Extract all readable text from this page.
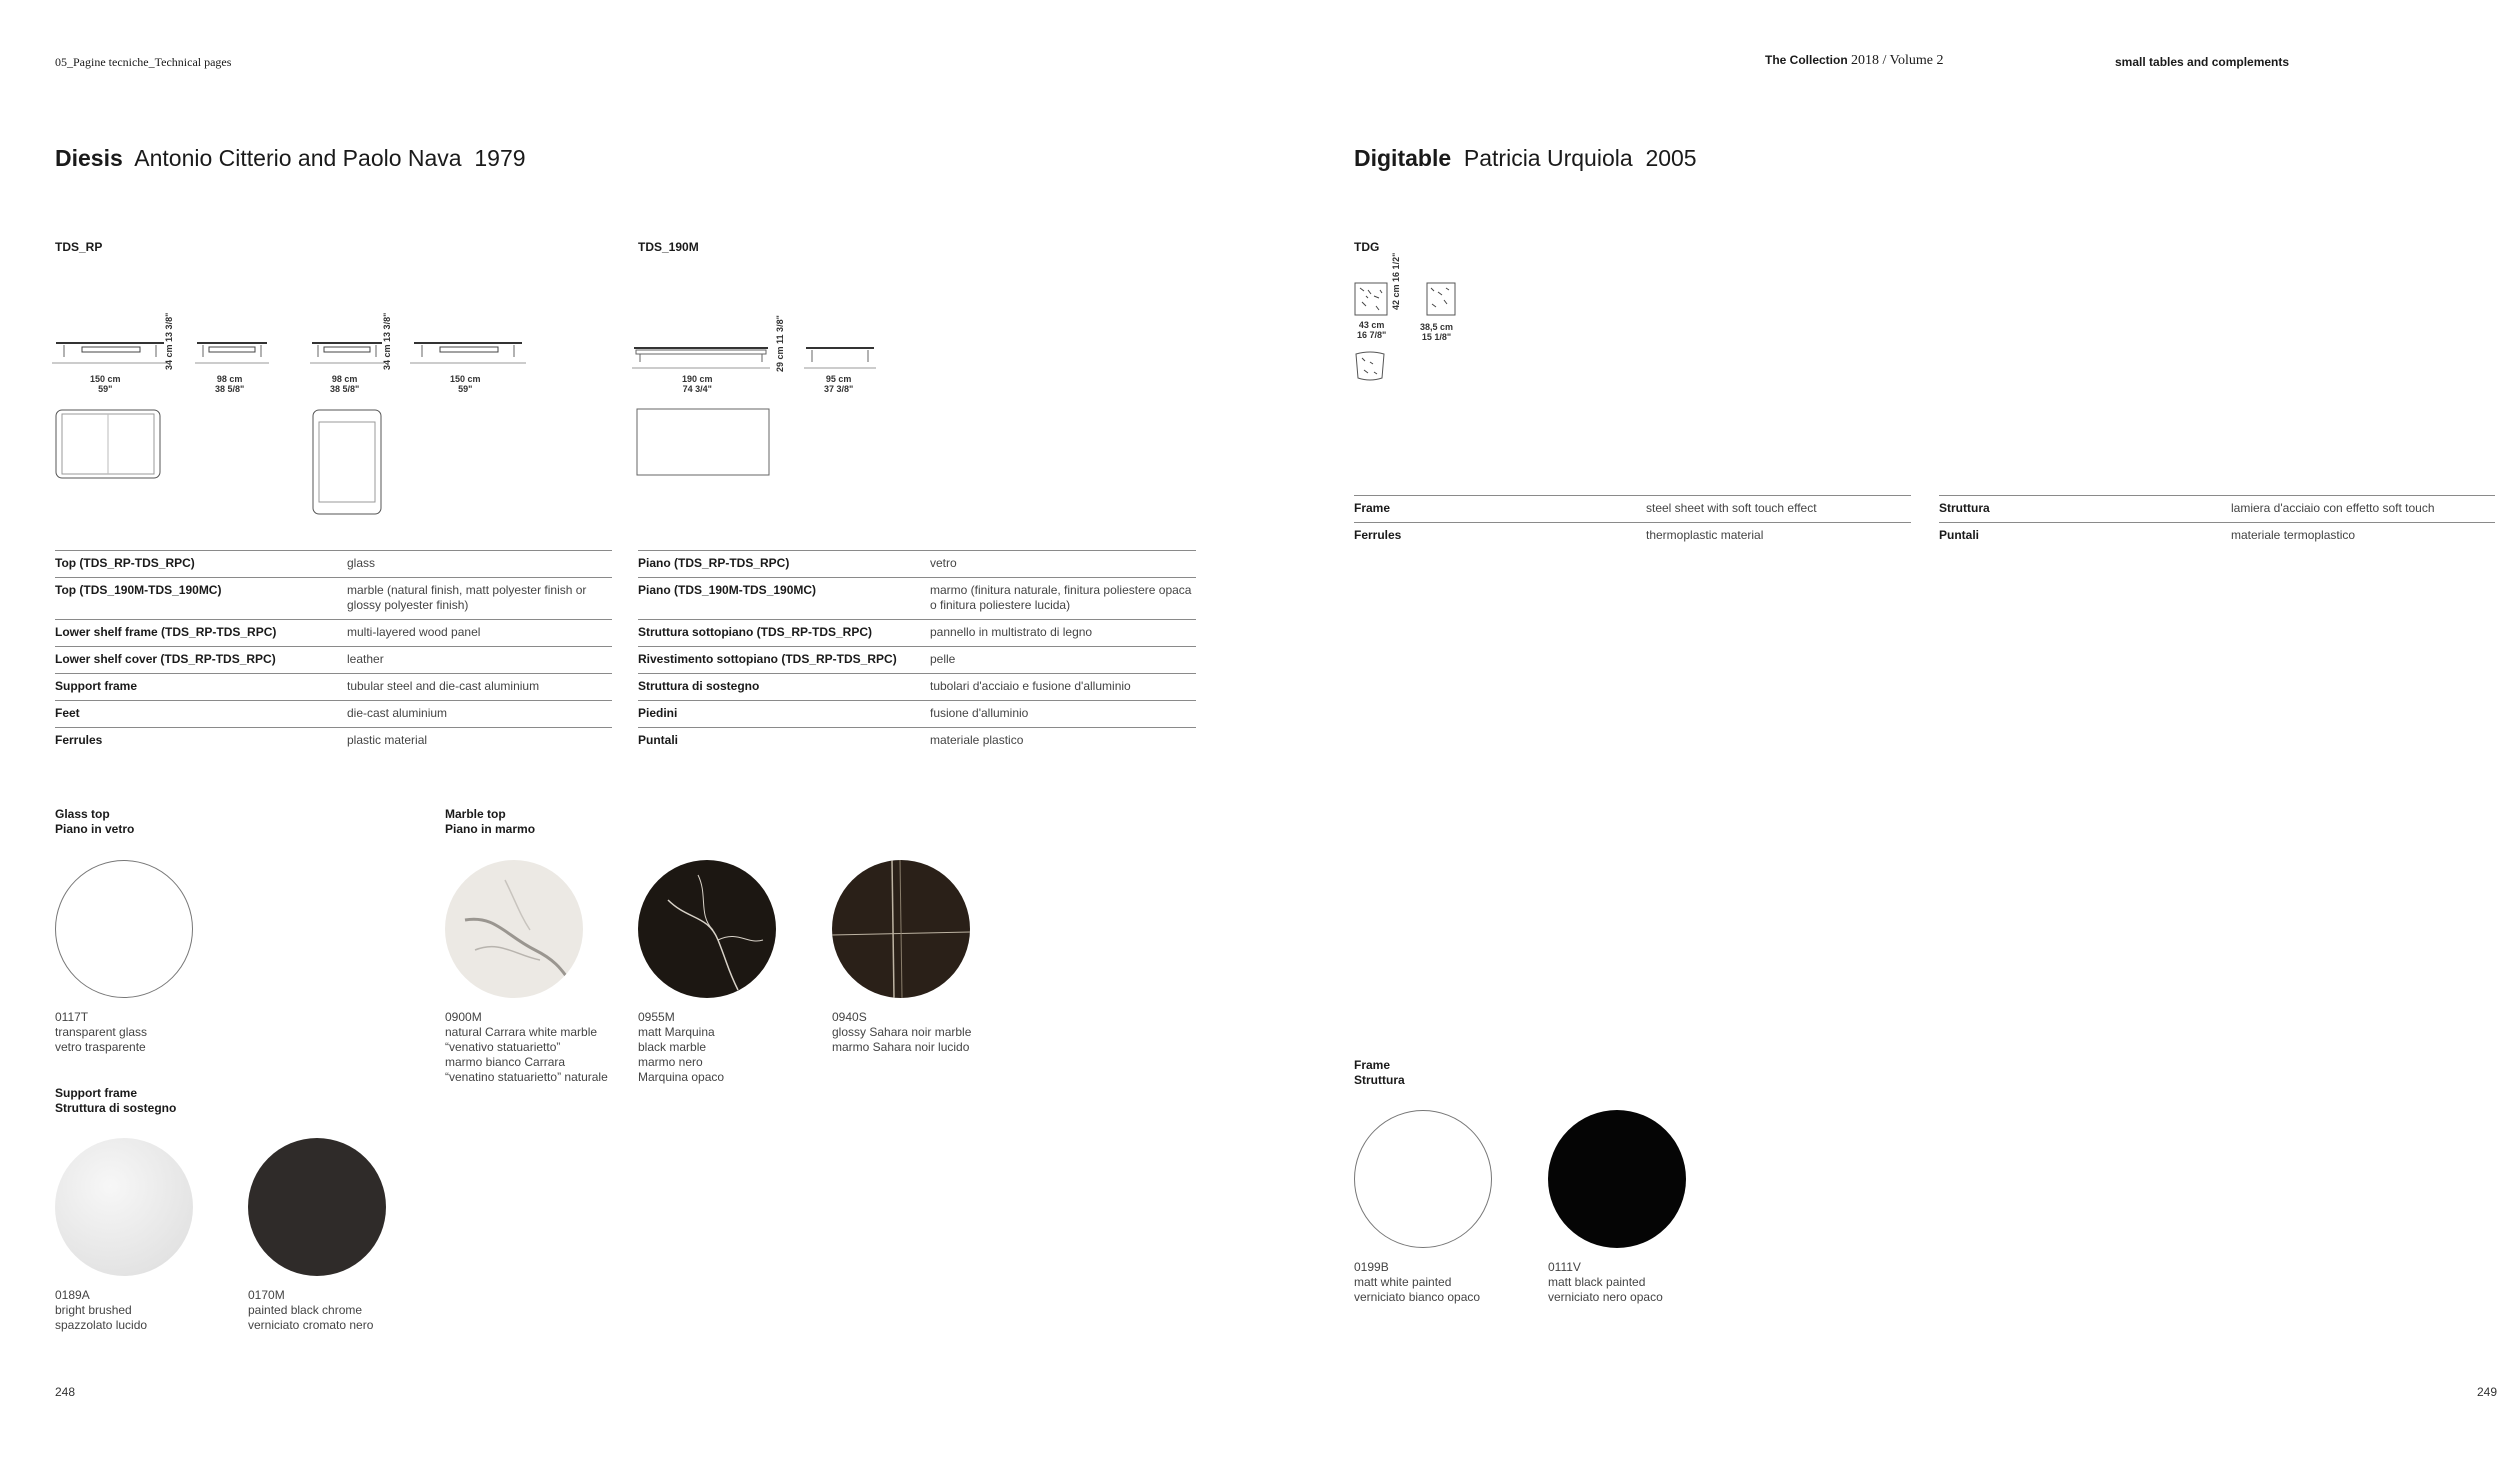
05_Pagine tecniche_Technical pages	The Collection 2018 / Volume 2	small tables and complements
Diesis Antonio Citterio and Paolo Nava 1979
TDS_RP	TDS_190M
150 cm
59"
34 cm 13 3/8"
98 cm
38 5/8"
98 cm
38 5/8"
34 cm 13 3/8"
150 cm
59"
190 cm
74 3/4"
29 cm 11 3/8"
95 cm
37 3/8"
Top (TDS_RP-TDS_RPC)	glass
Top (TDS_190M-TDS_190MC)	marble (natural finish, matt polyester finish or glossy polyester finish)
Lower shelf frame (TDS_RP-TDS_RPC)	multi-layered wood panel
Lower shelf cover (TDS_RP-TDS_RPC)	leather
Support frame	tubular steel and die-cast aluminium
Feet	die-cast aluminium
Ferrules	plastic material
Piano (TDS_RP-TDS_RPC)	vetro
Piano (TDS_190M-TDS_190MC)	marmo (finitura naturale, finitura poliestere opaca o finitura poliestere lucida)
Struttura sottopiano (TDS_RP-TDS_RPC)	pannello in multistrato di legno
Rivestimento sottopiano (TDS_RP-TDS_RPC)	pelle
Struttura di sostegno	tubolari d'acciaio e fusione d'alluminio
Piedini	fusione d'alluminio
Puntali	materiale plastico
Glass top
Piano in vetro
Marble top
Piano in marmo
Support frame
Struttura di sostegno
0117T
transparent glass
vetro trasparente
0900M
natural Carrara white marble
“venativo statuarietto”
marmo bianco Carrara
“venatino statuarietto” naturale
0955M
matt Marquina
black marble
marmo nero
Marquina opaco
0940S
glossy Sahara noir marble
marmo Sahara noir lucido
0189A
bright brushed
spazzolato lucido
0170M
painted black chrome
verniciato cromato nero
0199B
matt white painted
verniciato bianco opaco
0111V
matt black painted
verniciato nero opaco
248
Digitable Patricia Urquiola 2005
TDG
42 cm 16 1/2"
43 cm
16 7/8"
38,5 cm
15 1/8"
Frame	steel sheet with soft touch effect
Ferrules	thermoplastic material
Struttura	lamiera d'acciaio con effetto soft touch
Puntali	materiale termoplastico
Frame
Struttura
249
